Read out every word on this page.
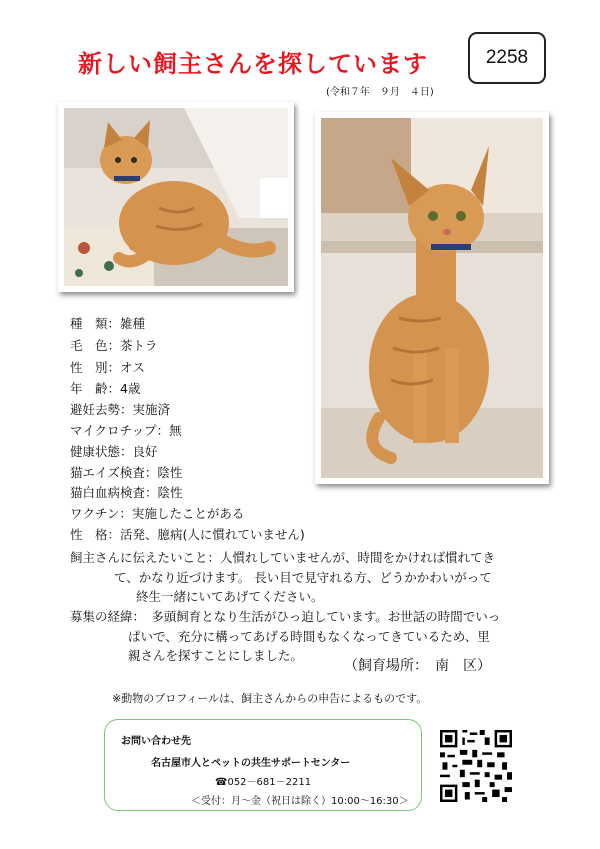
新しい飼主さんを探しています	2258
(令和７年　９月　４日)
種　類：雑種
毛　色：茶トラ
性　別：オス
年　齢：4歳
避妊去勢：実施済
マイクロチップ：無
健康状態：良好
猫エイズ検査：陰性
猫白血病検査：陰性
ワクチン：実施したことがある
性　格：活発、臆病(人に慣れていません)
飼主さんに伝えたいこと：人慣れしていませんが、時間をかければ慣れてき
て、かなり近づけます。 長い目で見守れる方、どうかかわいがって
終生一緒にいてあげてください。
募集の経緯：　多頭飼育となり生活がひっ迫しています。お世話の時間でいっ
ぱいで、充分に構ってあげる時間もなくなってきているため、里
親さんを探すことにしました。
（飼育場所：　南　区）
※動物のプロフィールは、飼主さんからの申告によるものです。
お問い合わせ先
名古屋市人とペットの共生サポートセンター
☎052－681－2211
＜受付：月～金（祝日は除く）10:00～16:30＞
